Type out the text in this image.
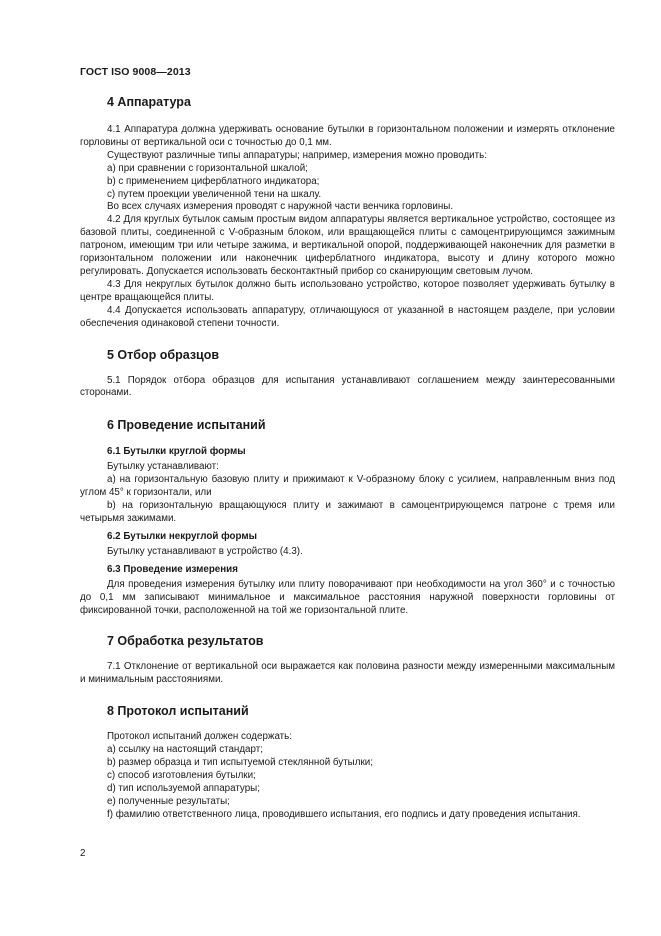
ГОСТ ISO 9008—2013
4 Аппаратура

4.1 Аппаратура должна удерживать основание бутылки в горизонтальном положении и измерять отклонение горловины от вертикальной оси с точностью до 0,1 мм.

Существуют различные типы аппаратуры; например, измерения можно проводить:

a) при сравнении с горизонтальной шкалой;

b) с применением циферблатного индикатора;

c) путем проекции увеличенной тени на шкалу.

Во всех случаях измерения проводят с наружной части венчика горловины.

4.2 Для круглых бутылок самым простым видом аппаратуры является вертикальное устройство, состоящее из базовой плиты, соединенной с V-образным блоком, или вращающейся плиты с самоцентрирующимся зажимным патроном, имеющим три или четыре зажима, и вертикальной опорой, поддерживающей наконечник для разметки в горизонтальном положении или наконечник циферблатного индикатора, высоту и длину которого можно регулировать. Допускается использовать бесконтактный прибор со сканирующим световым лучом.

4.3 Для некруглых бутылок должно быть использовано устройство, которое позволяет удерживать бутылку в центре вращающейся плиты.

4.4 Допускается использовать аппаратуру, отличающуюся от указанной в настоящем разделе, при условии обеспечения одинаковой степени точности.

5 Отбор образцов

5.1 Порядок отбора образцов для испытания устанавливают соглашением между заинтересованными сторонами.

6 Проведение испытаний
6.1 Бутылки круглой формы

Бутылку устанавливают:

a) на горизонтальную базовую плиту и прижимают к V-образному блоку с усилием, направленным вниз под углом 45° к горизонтали, или

b) на горизонтальную вращающуюся плиту и зажимают в самоцентрирующемся патроне с тремя или четырьмя зажимами.

6.2 Бутылки некруглой формы

Бутылку устанавливают в устройство (4.3).

6.3 Проведение измерения

Для проведения измерения бутылку или плиту поворачивают при необходимости на угол 360° и с точностью до 0,1 мм записывают минимальное и максимальное расстояния наружной поверхности горловины от фиксированной точки, расположенной на той же горизонтальной плите.

7 Обработка результатов

7.1 Отклонение от вертикальной оси выражается как половина разности между измеренными максимальным и минимальным расстояниями.

8 Протокол испытаний

Протокол испытаний должен содержать:

a) ссылку на настоящий стандарт;

b) размер образца и тип испытуемой стеклянной бутылки;

c) способ изготовления бутылки;

d) тип используемой аппаратуры;

e) полученные результаты;

f) фамилию ответственного лица, проводившего испытания, его подпись и дату проведения испытания.

2
